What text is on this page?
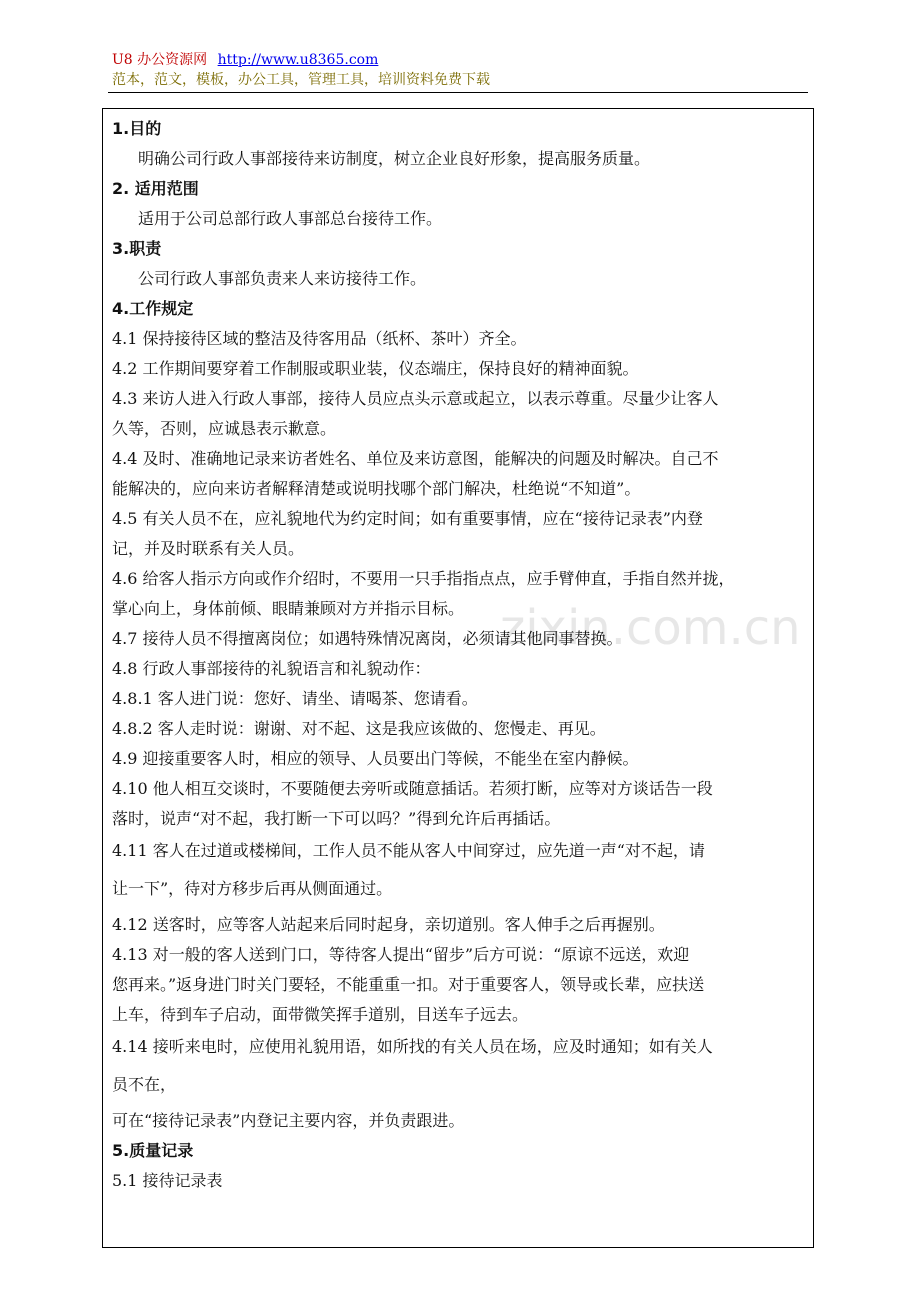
U8 办公资源网 http://www.u8365.com
范本，范文，模板，办公工具，管理工具，培训资料免费下载
zixin.com.cn
1.目的
明确公司行政人事部接待来访制度，树立企业良好形象，提高服务质量。
2. 适用范围
适用于公司总部行政人事部总台接待工作。
3.职责
公司行政人事部负责来人来访接待工作。
4.工作规定
4.1 保持接待区域的整洁及待客用品（纸杯、茶叶）齐全。
4.2 工作期间要穿着工作制服或职业装，仪态端庄，保持良好的精神面貌。
4.3 来访人进入行政人事部，接待人员应点头示意或起立，以表示尊重。尽量少让客人
久等，否则，应诚恳表示歉意。
4.4 及时、准确地记录来访者姓名、单位及来访意图，能解决的问题及时解决。自己不
能解决的，应向来访者解释清楚或说明找哪个部门解决，杜绝说“不知道”。
4.5 有关人员不在，应礼貌地代为约定时间；如有重要事情，应在“接待记录表”内登
记，并及时联系有关人员。
4.6 给客人指示方向或作介绍时，不要用一只手指指点点，应手臂伸直，手指自然并拢，
掌心向上，身体前倾、眼睛兼顾对方并指示目标。
4.7 接待人员不得擅离岗位；如遇特殊情况离岗，必须请其他同事替换。
4.8 行政人事部接待的礼貌语言和礼貌动作：
4.8.1 客人进门说：您好、请坐、请喝茶、您请看。
4.8.2 客人走时说：谢谢、对不起、这是我应该做的、您慢走、再见。
4.9 迎接重要客人时，相应的领导、人员要出门等候，不能坐在室内静候。
4.10 他人相互交谈时，不要随便去旁听或随意插话。若须打断，应等对方谈话告一段
落时，说声“对不起，我打断一下可以吗？”得到允许后再插话。
4.11 客人在过道或楼梯间，工作人员不能从客人中间穿过，应先道一声“对不起，请
让一下”，待对方移步后再从侧面通过。
4.12 送客时，应等客人站起来后同时起身，亲切道别。客人伸手之后再握别。
4.13 对一般的客人送到门口，等待客人提出“留步”后方可说：“原谅不远送，欢迎
您再来。”返身进门时关门要轻，不能重重一扣。对于重要客人，领导或长辈，应扶送
上车，待到车子启动，面带微笑挥手道别，目送车子远去。
4.14 接听来电时，应使用礼貌用语，如所找的有关人员在场，应及时通知；如有关人
员不在，
可在“接待记录表”内登记主要内容，并负责跟进。
5.质量记录
5.1 接待记录表
